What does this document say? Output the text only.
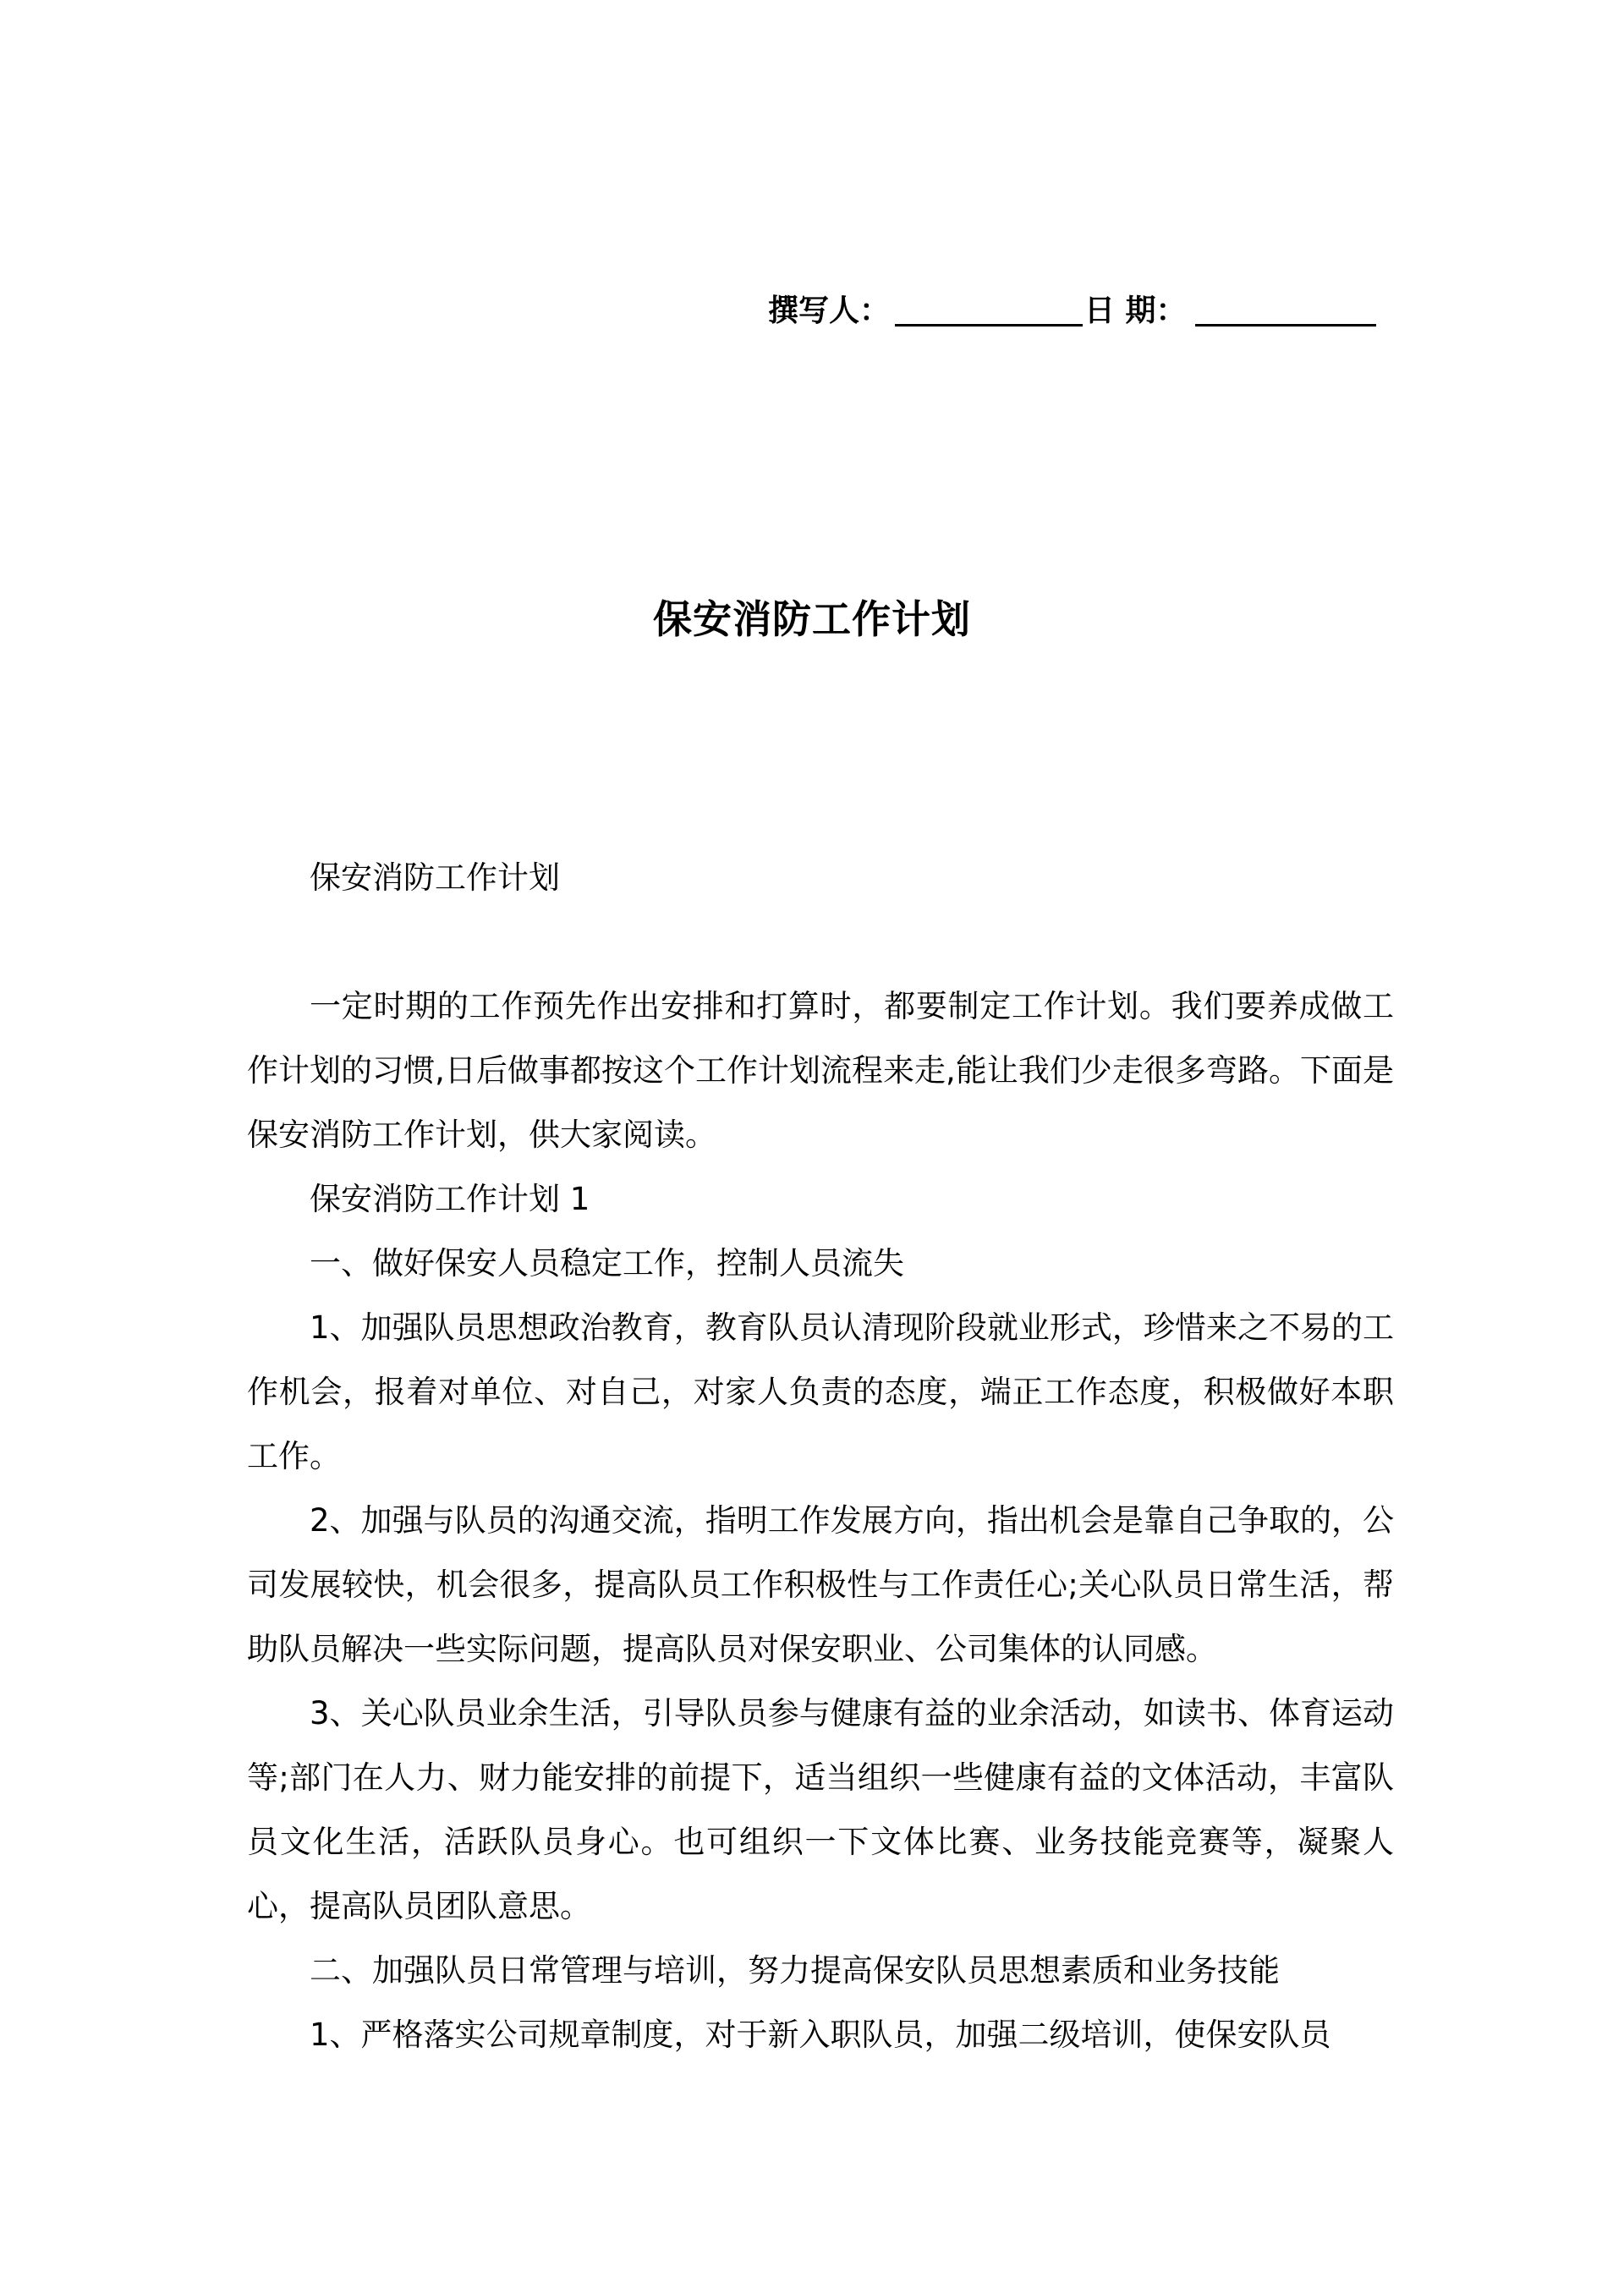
撰写人：	日 期：
保安消防工作计划

保安消防工作计划

一定时期的工作预先作出安排和打算时，都要制定工作计划。我们要养成做工作计划的习惯,日后做事都按这个工作计划流程来走,能让我们少走很多弯路。下面是保安消防工作计划，供大家阅读。

保安消防工作计划 1

一、做好保安人员稳定工作，控制人员流失

1、加强队员思想政治教育，教育队员认清现阶段就业形式，珍惜来之不易的工作机会，报着对单位、对自己，对家人负责的态度，端正工作态度，积极做好本职工作。

2、加强与队员的沟通交流，指明工作发展方向，指出机会是靠自己争取的，公司发展较快，机会很多，提高队员工作积极性与工作责任心;关心队员日常生活，帮助队员解决一些实际问题，提高队员对保安职业、公司集体的认同感。

3、关心队员业余生活，引导队员参与健康有益的业余活动，如读书、体育运动等;部门在人力、财力能安排的前提下，适当组织一些健康有益的文体活动，丰富队员文化生活，活跃队员身心。也可组织一下文体比赛、业务技能竞赛等，凝聚人心，提高队员团队意思。

二、加强队员日常管理与培训，努力提高保安队员思想素质和业务技能

1、严格落实公司规章制度，对于新入职队员，加强二级培训，使保安队员
